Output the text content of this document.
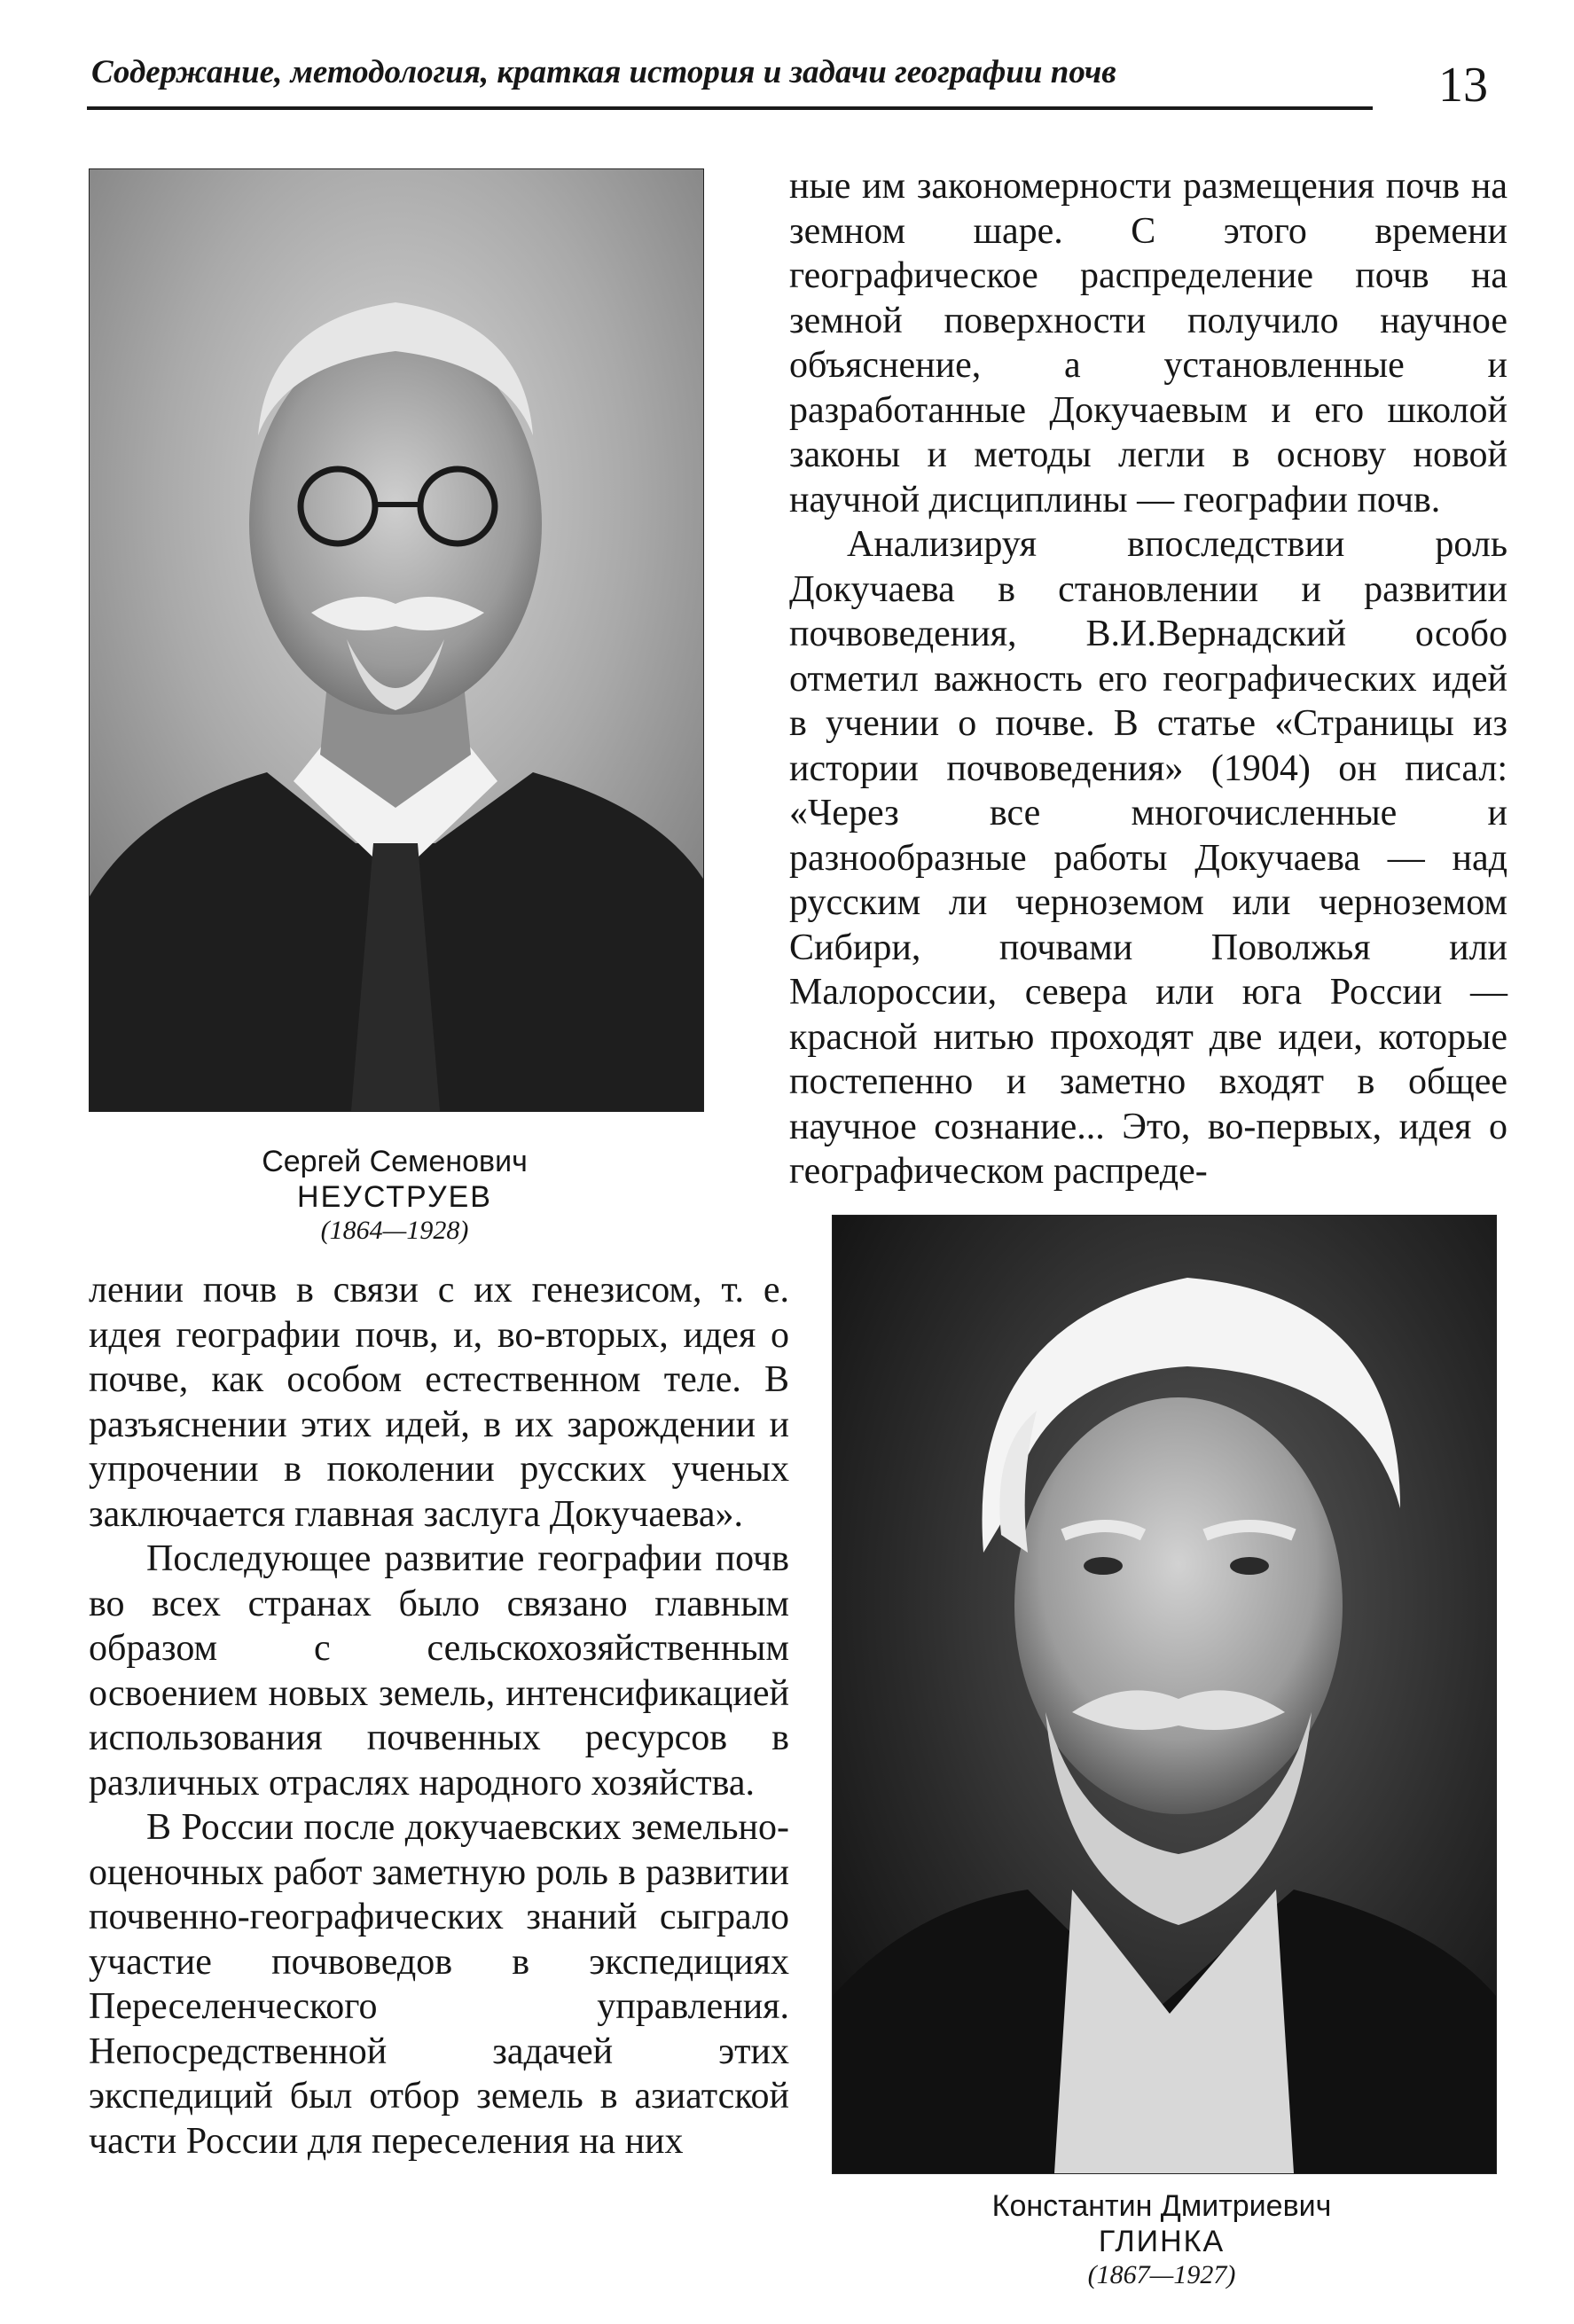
Содержание, методология, краткая история и задачи географии почв	13
Сергей Семенович
НЕУСТРУЕВ
(1864—1928)

ные им закономерности размещения почв на земном шаре. С этого времени географическое распределение почв на земной поверхности получило научное объяснение, а установленные и разработанные Докучаевым и его школой законы и методы легли в основу новой научной дисциплины — географии почв.

Анализируя впоследствии роль Докучаева в становлении и развитии почвоведения, В.И.Вернадский особо отметил важность его географических идей в учении о почве. В статье «Страницы из истории почвоведения» (1904) он писал: «Через все многочисленные и разнообразные работы Докучаева — над русским ли черноземом или черноземом Сибири, почвами Поволжья или Малороссии, севера или юга России — красной нитью проходят две идеи, которые постепенно и заметно входят в общее научное сознание... Это, во-первых, идея о географическом распреде-

Константин Дмитриевич
ГЛИНКА
(1867—1927)

лении почв в связи с их генезисом, т. е. идея географии почв, и, во-вторых, идея о почве, как особом естественном теле. В разъяснении этих идей, в их зарождении и упрочении в поколении русских ученых заключается главная заслуга Докучаева».

Последующее развитие географии почв во всех странах было связано главным образом с сельскохозяйственным освоением новых земель, интенсификацией использования почвенных ресурсов в различных отраслях народного хозяйства.

В России после докучаевских земельно-оценочных работ заметную роль в развитии почвенно-географических знаний сыграло участие почвоведов в экспедициях Переселенческого управления. Непосредственной задачей этих экспедиций был отбор земель в азиатской части России для переселения на них
